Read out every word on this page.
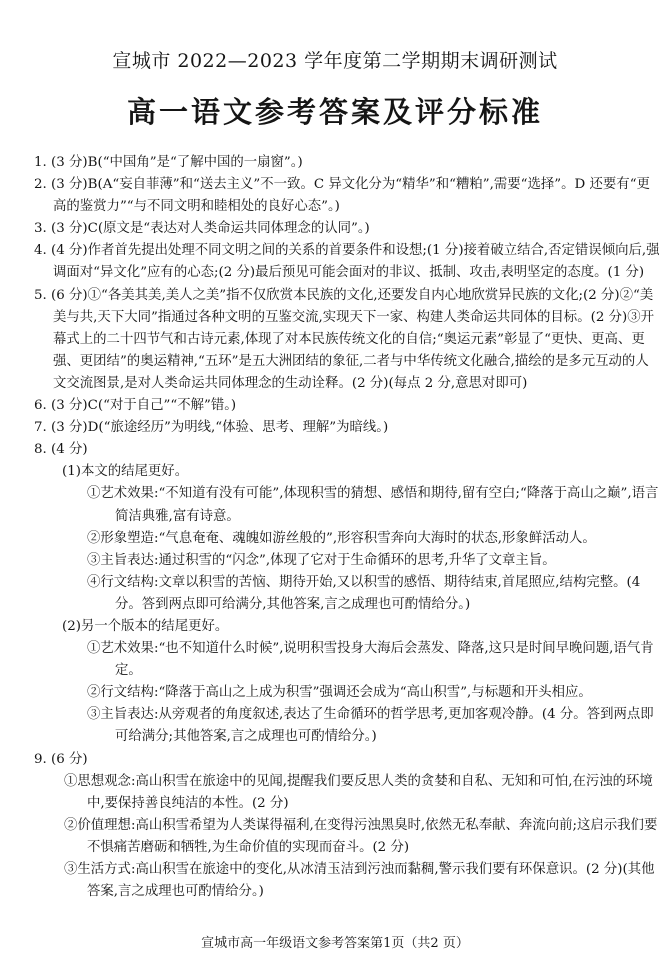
宣城市 2022—2023 学年度第二学期期末调研测试
高一语文参考答案及评分标准

1. (3 分)B(“中国角”是“了解中国的一扇窗”。)

2. (3 分)B(A“妄自菲薄”和“送去主义”不一致。C 异文化分为“精华”和“糟粕”,需要“选择”。D 还要有“更高的鉴赏力”“与不同文明和睦相处的良好心态”。)

3. (3 分)C(原文是“表达对人类命运共同体理念的认同”。)

4. (4 分)作者首先提出处理不同文明之间的关系的首要条件和设想;(1 分)接着破立结合,否定错误倾向后,强调面对“异文化”应有的心态;(2 分)最后预见可能会面对的非议、抵制、攻击,表明坚定的态度。(1 分)

5. (6 分)①“各美其美,美人之美”指不仅欣赏本民族的文化,还要发自内心地欣赏异民族的文化;(2 分)②“美美与共,天下大同”指通过各种文明的互鉴交流,实现天下一家、构建人类命运共同体的目标。(2 分)③开幕式上的二十四节气和古诗元素,体现了对本民族传统文化的自信;“奥运元素”彰显了“更快、更高、更强、更团结”的奥运精神,“五环”是五大洲团结的象征,二者与中华传统文化融合,描绘的是多元互动的人文交流图景,是对人类命运共同体理念的生动诠释。(2 分)(每点 2 分,意思对即可)

6. (3 分)C(“对于自己”“不解”错。)

7. (3 分)D(“旅途经历”为明线,“体验、思考、理解”为暗线。)

8. (4 分)

(1)本文的结尾更好。

①艺术效果:“不知道有没有可能”,体现积雪的猜想、感悟和期待,留有空白;“降落于高山之巅”,语言简洁典雅,富有诗意。

②形象塑造:“气息奄奄、魂魄如游丝般的”,形容积雪奔向大海时的状态,形象鲜活动人。

③主旨表达:通过积雪的“闪念”,体现了它对于生命循环的思考,升华了文章主旨。

④行文结构:文章以积雪的苦恼、期待开始,又以积雪的感悟、期待结束,首尾照应,结构完整。(4 分。答到两点即可给满分,其他答案,言之成理也可酌情给分。)

(2)另一个版本的结尾更好。

①艺术效果:“也不知道什么时候”,说明积雪投身大海后会蒸发、降落,这只是时间早晚问题,语气肯定。

②行文结构:“降落于高山之上成为积雪”强调还会成为“高山积雪”,与标题和开头相应。

③主旨表达:从旁观者的角度叙述,表达了生命循环的哲学思考,更加客观冷静。(4 分。答到两点即可给满分;其他答案,言之成理也可酌情给分。)

9. (6 分)

①思想观念:高山积雪在旅途中的见闻,提醒我们要反思人类的贪婪和自私、无知和可怕,在污浊的环境中,要保持善良纯洁的本性。(2 分)

②价值理想:高山积雪希望为人类谋得福利,在变得污浊黑臭时,依然无私奉献、奔流向前;这启示我们要不惧痛苦磨砺和牺牲,为生命价值的实现而奋斗。(2 分)

③生活方式:高山积雪在旅途中的变化,从冰清玉洁到污浊而黏稠,警示我们要有环保意识。(2 分)(其他答案,言之成理也可酌情给分。)

宣城市高一年级语文参考答案第1页（共2 页）
